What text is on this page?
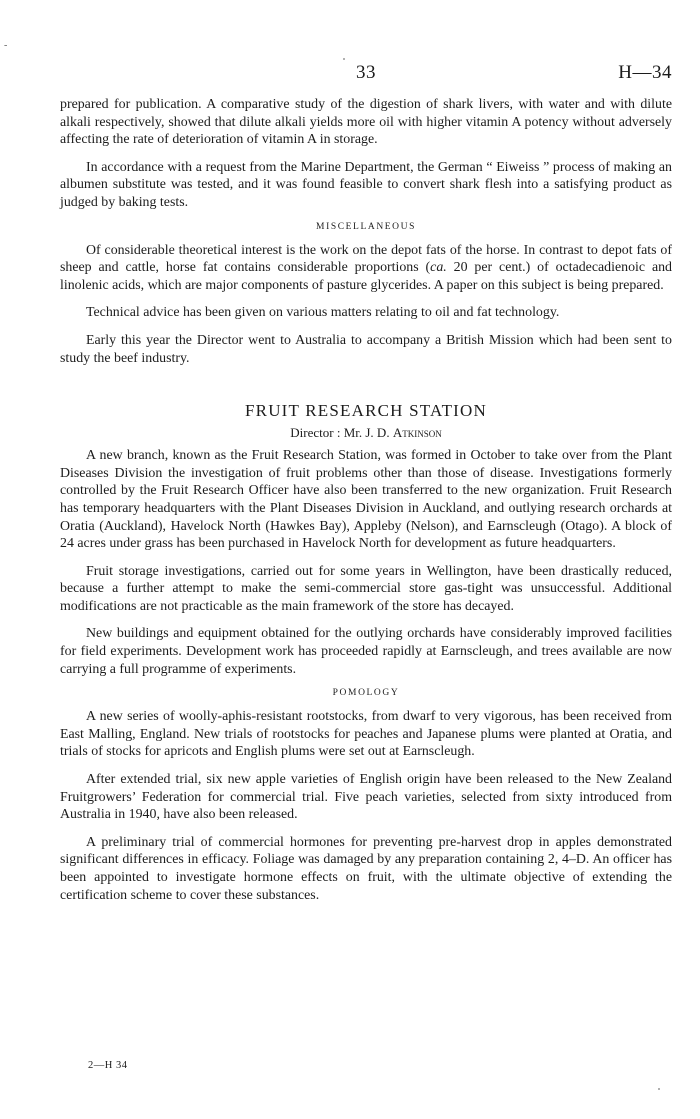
-
33	H—34

prepared for publication. A comparative study of the digestion of shark livers, with water and with dilute alkali respectively, showed that dilute alkali yields more oil with higher vitamin A potency without adversely affecting the rate of deterioration of vitamin A in storage.

In accordance with a request from the Marine Department, the German “ Eiweiss ” process of making an albumen substitute was tested, and it was found feasible to convert shark flesh into a satisfying product as judged by baking tests.

MISCELLANEOUS

Of considerable theoretical interest is the work on the depot fats of the horse. In contrast to depot fats of sheep and cattle, horse fat contains considerable proportions (ca. 20 per cent.) of octadecadienoic and linolenic acids, which are major components of pasture glycerides. A paper on this subject is being prepared.

Technical advice has been given on various matters relating to oil and fat technology.

Early this year the Director went to Australia to accompany a British Mission which had been sent to study the beef industry.

FRUIT RESEARCH STATION
Director : Mr. J. D. Atkinson

A new branch, known as the Fruit Research Station, was formed in October to take over from the Plant Diseases Division the investigation of fruit problems other than those of disease. Investigations formerly controlled by the Fruit Research Officer have also been transferred to the new organization. Fruit Research has temporary headquarters with the Plant Diseases Division in Auckland, and outlying research orchards at Oratia (Auckland), Havelock North (Hawkes Bay), Appleby (Nelson), and Earnscleugh (Otago). A block of 24 acres under grass has been purchased in Havelock North for development as future headquarters.

Fruit storage investigations, carried out for some years in Wellington, have been drastically reduced, because a further attempt to make the semi-commercial store gas-tight was unsuccessful. Additional modifications are not practicable as the main framework of the store has decayed.

New buildings and equipment obtained for the outlying orchards have considerably improved facilities for field experiments. Development work has proceeded rapidly at Earnscleugh, and trees available are now carrying a full programme of experiments.

POMOLOGY

A new series of woolly-aphis-resistant rootstocks, from dwarf to very vigorous, has been received from East Malling, England. New trials of rootstocks for peaches and Japanese plums were planted at Oratia, and trials of stocks for apricots and English plums were set out at Earnscleugh.

After extended trial, six new apple varieties of English origin have been released to the New Zealand Fruitgrowers’ Federation for commercial trial. Five peach varieties, selected from sixty introduced from Australia in 1940, have also been released.

A preliminary trial of commercial hormones for preventing pre-harvest drop in apples demonstrated significant differences in efficacy. Foliage was damaged by any preparation containing 2, 4–D. An officer has been appointed to investigate hormone effects on fruit, with the ultimate objective of extending the certification scheme to cover these substances.

2—H 34
